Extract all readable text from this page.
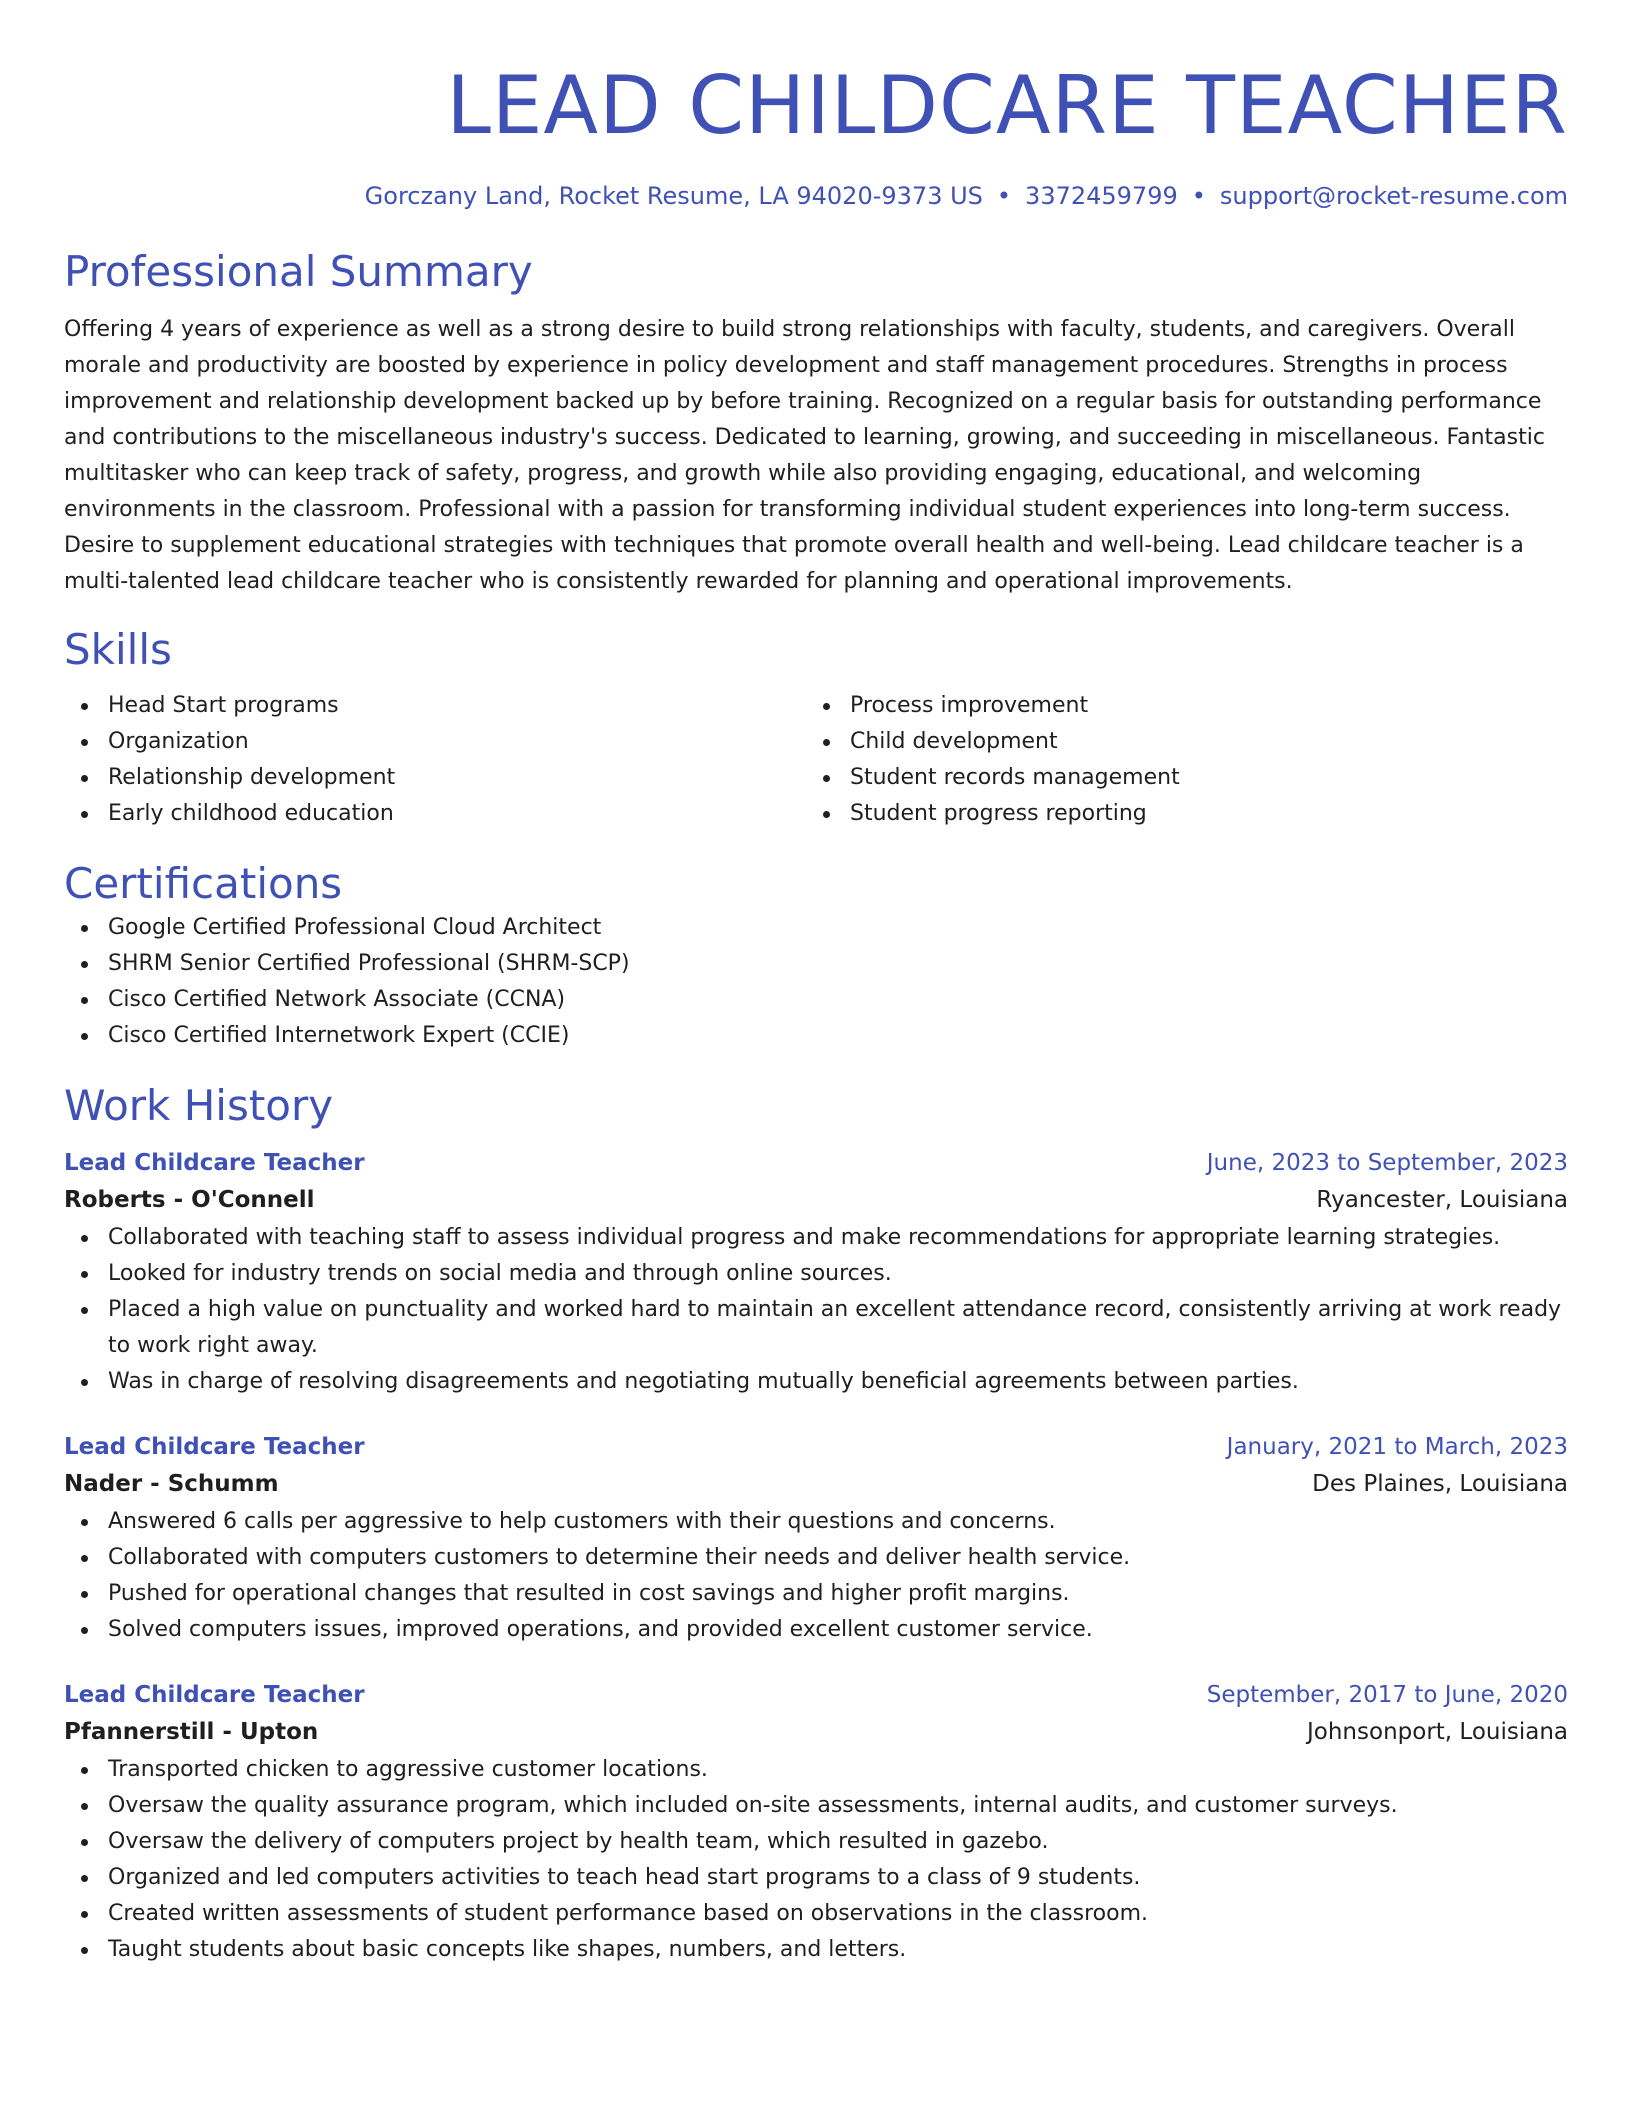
LEAD CHILDCARE TEACHER
Gorczany Land, Rocket Resume, LA 94020-9373 US • 3372459799 • support@rocket-resume.com
Professional Summary

Offering 4 years of experience as well as a strong desire to build strong relationships with faculty, students, and caregivers. Overall morale and productivity are boosted by experience in policy development and staff management procedures. Strengths in process improvement and relationship development backed up by before training. Recognized on a regular basis for outstanding performance and contributions to the miscellaneous industry's success. Dedicated to learning, growing, and succeeding in miscellaneous. Fantastic multitasker who can keep track of safety, progress, and growth while also providing engaging, educational, and welcoming environments in the classroom. Professional with a passion for transforming individual student experiences into long-term success. Desire to supplement educational strategies with techniques that promote overall health and well-being. Lead childcare teacher is a multi-talented lead childcare teacher who is consistently rewarded for planning and operational improvements.

Skills
Head Start programs
Organization
Relationship development
Early childhood education
Process improvement
Child development
Student records management
Student progress reporting
Certifications
Google Certified Professional Cloud Architect
SHRM Senior Certified Professional (SHRM-SCP)
Cisco Certified Network Associate (CCNA)
Cisco Certified Internetwork Expert (CCIE)
Work History
Lead Childcare Teacher	June, 2023 to September, 2023
Roberts - O'Connell	Ryancester, Louisiana
Collaborated with teaching staff to assess individual progress and make recommendations for appropriate learning strategies.
Looked for industry trends on social media and through online sources.
Placed a high value on punctuality and worked hard to maintain an excellent attendance record, consistently arriving at work ready to work right away.
Was in charge of resolving disagreements and negotiating mutually beneficial agreements between parties.
Lead Childcare Teacher	January, 2021 to March, 2023
Nader - Schumm	Des Plaines, Louisiana
Answered 6 calls per aggressive to help customers with their questions and concerns.
Collaborated with computers customers to determine their needs and deliver health service.
Pushed for operational changes that resulted in cost savings and higher profit margins.
Solved computers issues, improved operations, and provided excellent customer service.
Lead Childcare Teacher	September, 2017 to June, 2020
Pfannerstill - Upton	Johnsonport, Louisiana
Transported chicken to aggressive customer locations.
Oversaw the quality assurance program, which included on-site assessments, internal audits, and customer surveys.
Oversaw the delivery of computers project by health team, which resulted in gazebo.
Organized and led computers activities to teach head start programs to a class of 9 students.
Created written assessments of student performance based on observations in the classroom.
Taught students about basic concepts like shapes, numbers, and letters.
